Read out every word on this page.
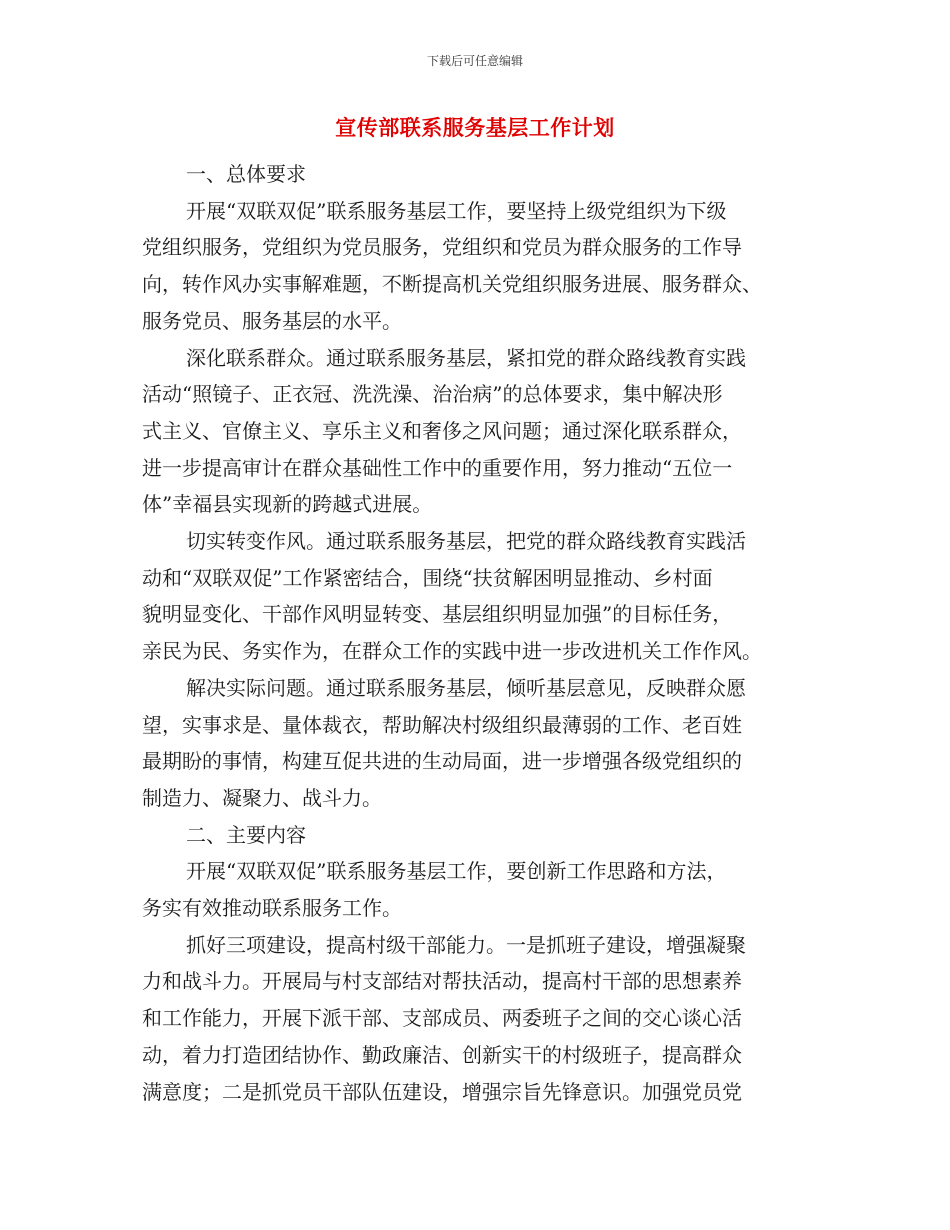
下载后可任意编辑
宣传部联系服务基层工作计划
一、总体要求
开展“双联双促”联系服务基层工作，要坚持上级党组织为下级
党组织服务，党组织为党员服务，党组织和党员为群众服务的工作导
向，转作风办实事解难题，不断提高机关党组织服务进展、服务群众、
服务党员、服务基层的水平。
深化联系群众。通过联系服务基层，紧扣党的群众路线教育实践
活动“照镜子、正衣冠、洗洗澡、治治病”的总体要求，集中解决形
式主义、官僚主义、享乐主义和奢侈之风问题；通过深化联系群众，
进一步提高审计在群众基础性工作中的重要作用，努力推动“五位一
体”幸福县实现新的跨越式进展。
切实转变作风。通过联系服务基层，把党的群众路线教育实践活
动和“双联双促”工作紧密结合，围绕“扶贫解困明显推动、乡村面
貌明显变化、干部作风明显转变、基层组织明显加强”的目标任务，
亲民为民、务实作为，在群众工作的实践中进一步改进机关工作作风。
解决实际问题。通过联系服务基层，倾听基层意见，反映群众愿
望，实事求是、量体裁衣，帮助解决村级组织最薄弱的工作、老百姓
最期盼的事情，构建互促共进的生动局面，进一步增强各级党组织的
制造力、凝聚力、战斗力。
二、主要内容
开展“双联双促”联系服务基层工作，要创新工作思路和方法，
务实有效推动联系服务工作。
抓好三项建设，提高村级干部能力。一是抓班子建设，增强凝聚
力和战斗力。开展局与村支部结对帮扶活动，提高村干部的思想素养
和工作能力，开展下派干部、支部成员、两委班子之间的交心谈心活
动，着力打造团结协作、勤政廉洁、创新实干的村级班子，提高群众
满意度；二是抓党员干部队伍建设，增强宗旨先锋意识。加强党员党
